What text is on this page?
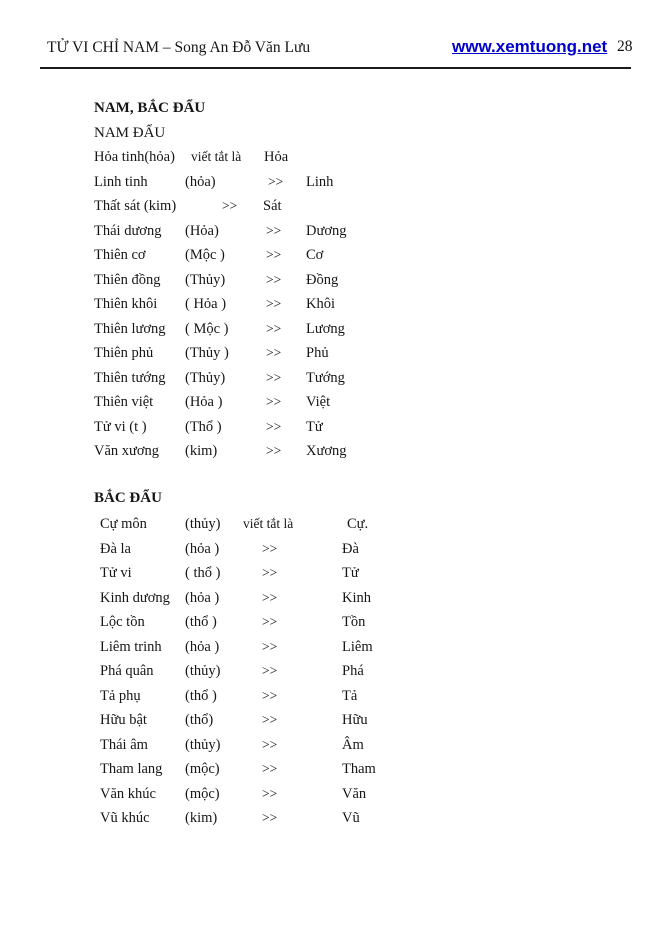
TỬ VI CHỈ NAM – Song An Đỗ Văn Lưu	www.xemtuong.net 28
NAM, BẮC ĐẨU
NAM ĐẨU
Hỏa tinh(hỏa) viết tắt là Hỏa
Linh tinh	(hỏa)	>> Linh
Thất sát (kim)	>> Sát
Thái dương (Hỏa)	>> Dương
Thiên cơ	(Mộc )	>> Cơ
Thiên đồng (Thủy)	>> Đồng
Thiên khôi ( Hỏa )	>> Khôi
Thiên lương ( Mộc )	>> Lương
Thiên phủ (Thủy )	>> Phủ
Thiên tướng (Thủy)	>> Tướng
Thiên việt (Hỏa )	>> Việt
Tử vi (t )	(Thổ )	>> Tử
Văn xương (kim)	>> Xương
BẮC ĐẨU
Cự môn	(thủy) viết tắt là	Cự.
Đà la	(hỏa )	>>	Đà
Tử vi	( thổ )	>>	Tử
Kinh dương (hỏa )	>>	Kinh
Lộc tồn	(thổ )	>>	Tồn
Liêm trinh (hỏa )	>>	Liêm
Phá quân (thủy)	>>	Phá
Tả phụ	(thổ )	>>	Tả
Hữu bật	(thổ)	>>	Hữu
Thái âm	(thủy)	>>	Âm
Tham lang (mộc)	>>	Tham
Văn khúc (mộc)	>>	Văn
Vũ khúc (kim)	>>	Vũ
